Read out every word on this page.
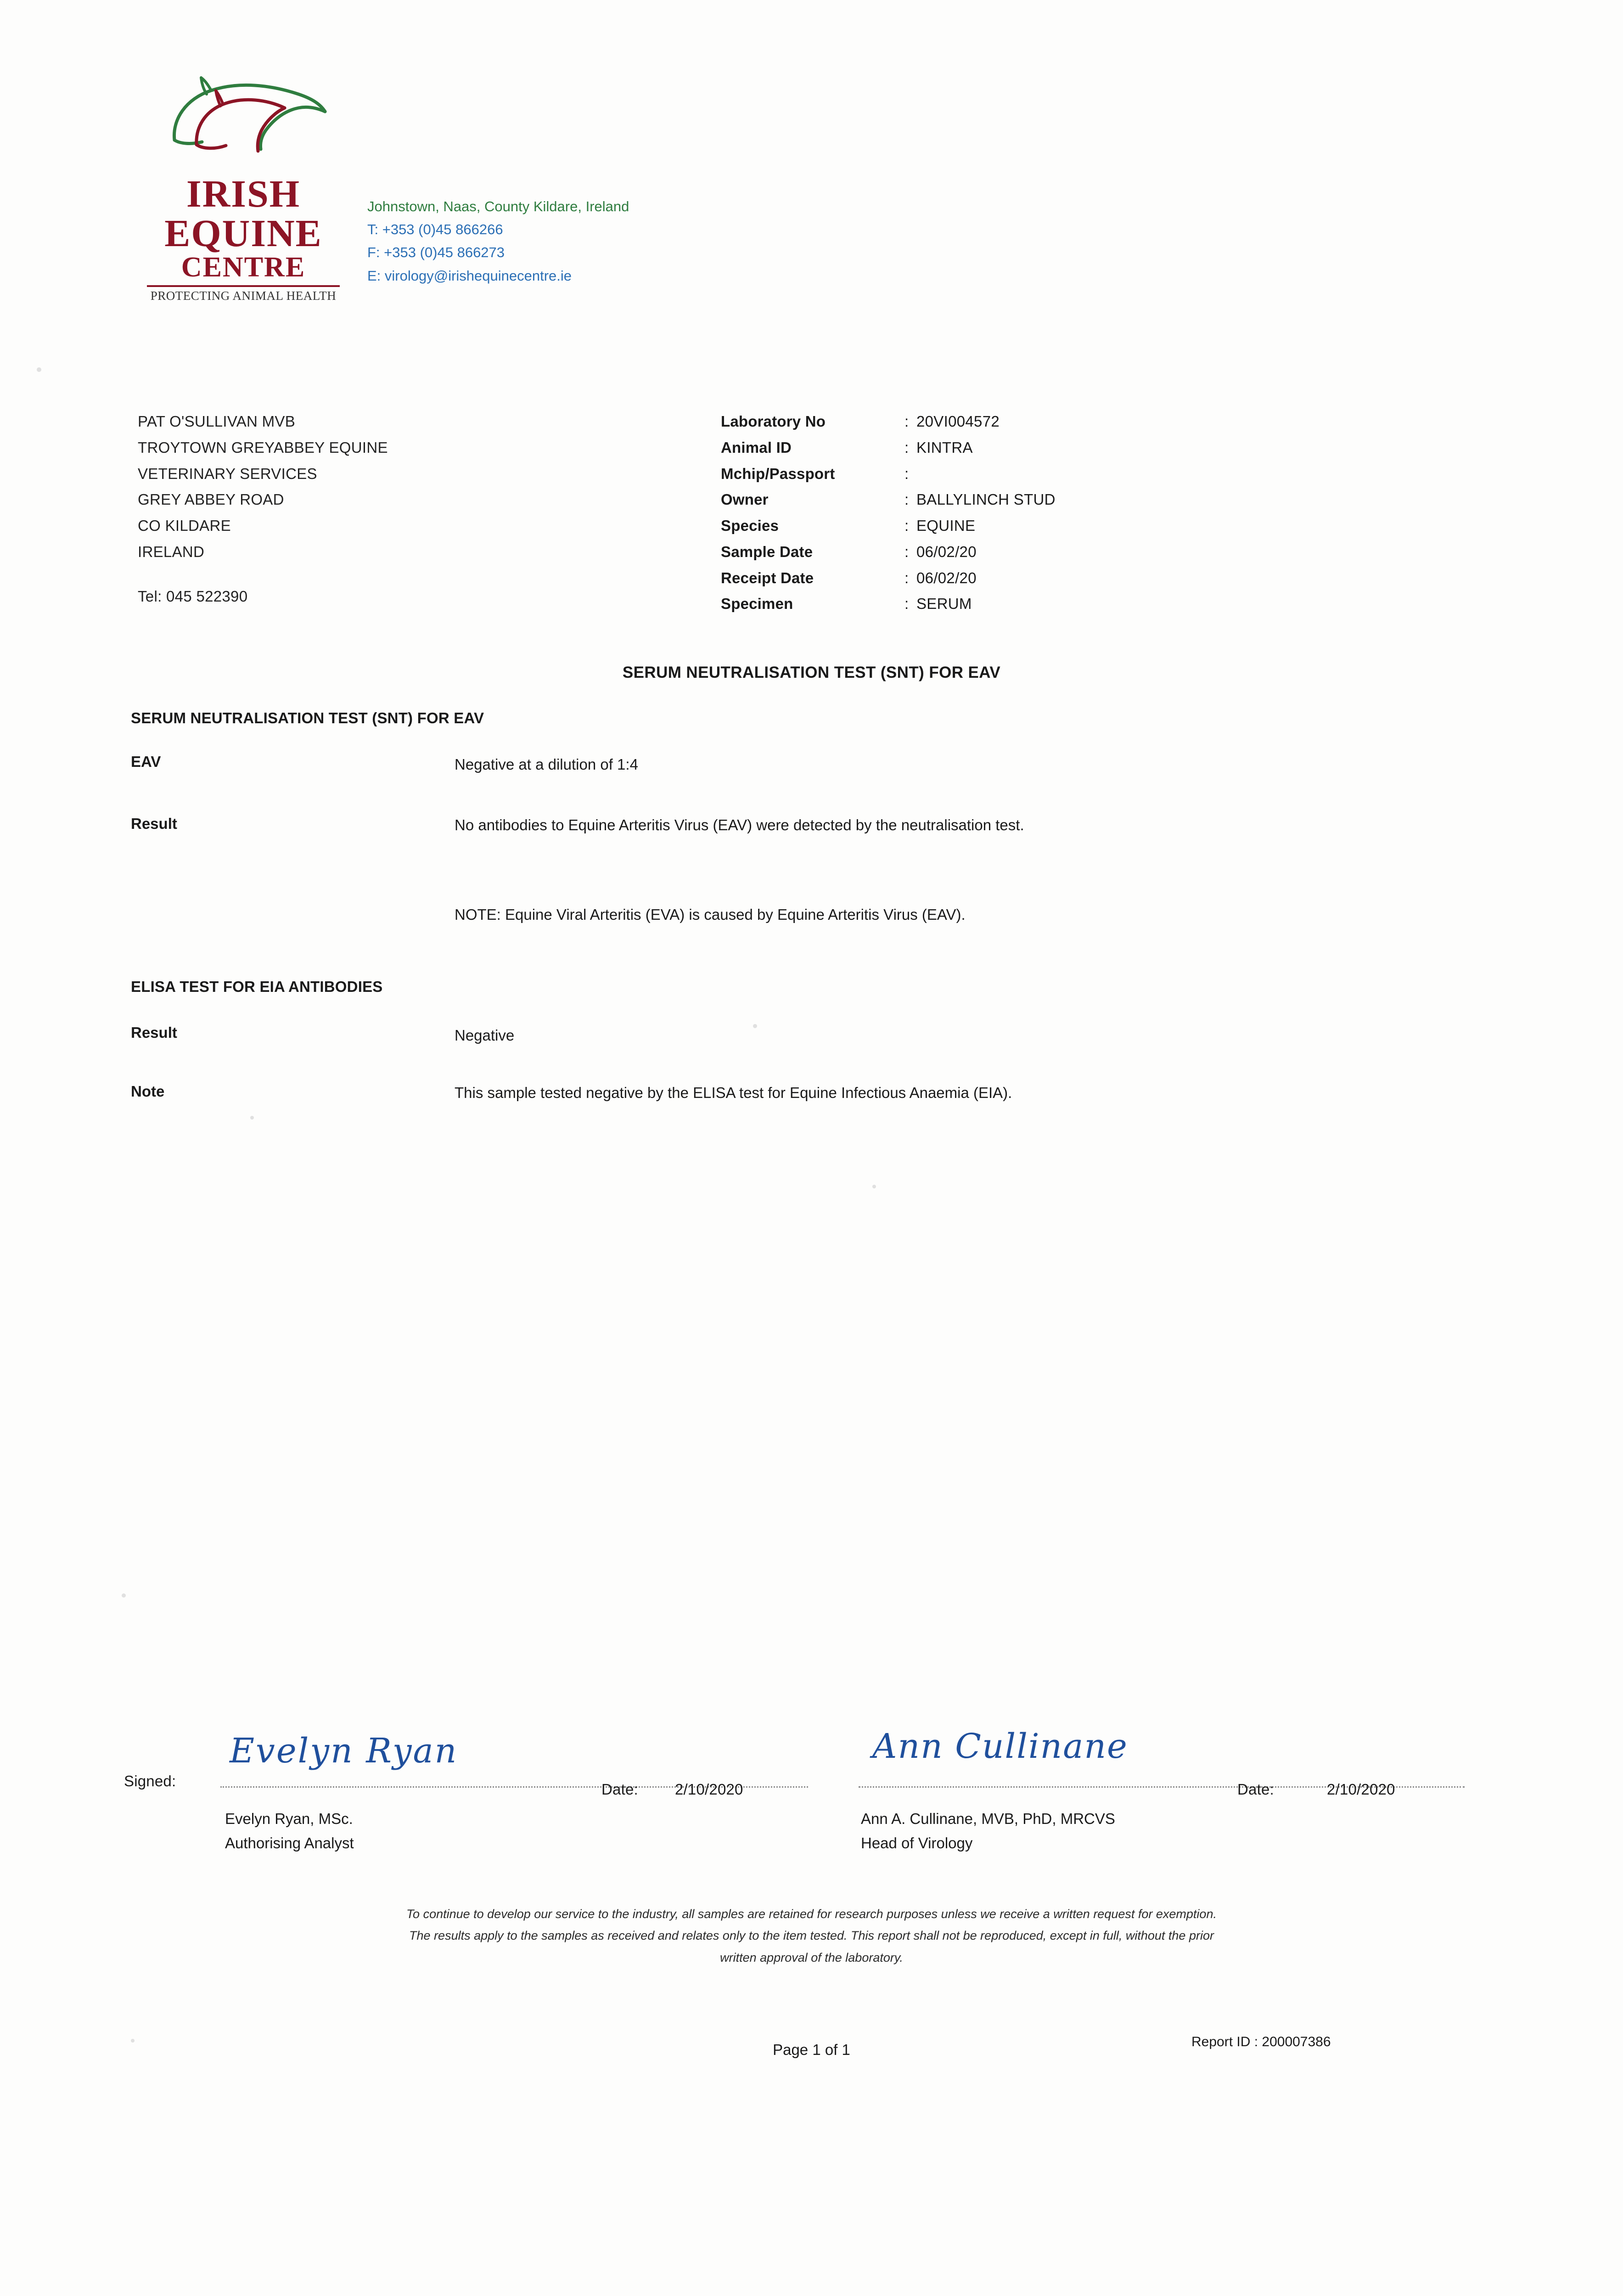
IRISH
EQUINE
CENTRE
PROTECTING ANIMAL HEALTH
Johnstown, Naas, County Kildare, Ireland
T: +353 (0)45 866266
F: +353 (0)45 866273
E: virology@irishequinecentre.ie
PAT O'SULLIVAN MVB
TROYTOWN GREYABBEY EQUINE
VETERINARY SERVICES
GREY ABBEY ROAD
CO KILDARE
IRELAND
Tel: 045 522390
Laboratory No	: 20VI004572
Animal ID	: KINTRA
Mchip/Passport	:
Owner	: BALLYLINCH STUD
Species	: EQUINE
Sample Date	: 06/02/20
Receipt Date	: 06/02/20
Specimen	: SERUM
SERUM NEUTRALISATION TEST (SNT) FOR EAV
SERUM NEUTRALISATION TEST (SNT) FOR EAV
EAV	Negative at a dilution of 1:4
Result	No antibodies to Equine Arteritis Virus (EAV) were detected by the neutralisation test.
NOTE: Equine Viral Arteritis (EVA) is caused by Equine Arteritis Virus (EAV).
ELISA TEST FOR EIA ANTIBODIES
Result	Negative
Note	This sample tested negative by the ELISA test for Equine Infectious Anaemia (EIA).
Signed:
Evelyn Ryan
Date: 2/10/2020
Evelyn Ryan, MSc.
Authorising Analyst
Ann Cullinane
Date:	2/10/2020
Ann A. Cullinane, MVB, PhD, MRCVS
Head of Virology
To continue to develop our service to the industry, all samples are retained for research purposes unless we receive a written request for exemption.
The results apply to the samples as received and relates only to the item tested. This report shall not be reproduced, except in full, without the prior
written approval of the laboratory.
Page 1 of 1	Report ID : 200007386
